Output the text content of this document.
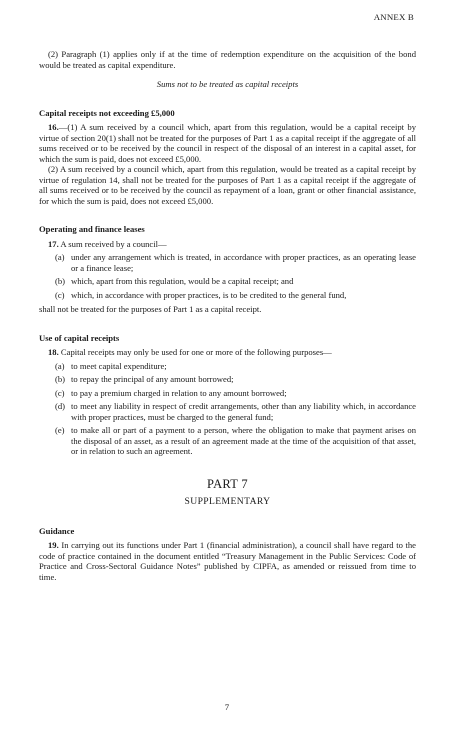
ANNEX B

(2) Paragraph (1) applies only if at the time of redemption expenditure on the acquisition of the bond would be treated as capital expenditure.

Sums not to be treated as capital receipts

Capital receipts not exceeding £5,000

16.—(1) A sum received by a council which, apart from this regulation, would be a capital receipt by virtue of section 20(1) shall not be treated for the purposes of Part 1 as a capital receipt if the aggregate of all sums received or to be received by the council in respect of the disposal of an interest in a capital asset, for which the sum is paid, does not exceed £5,000.

(2) A sum received by a council which, apart from this regulation, would be treated as a capital receipt by virtue of regulation 14, shall not be treated for the purposes of Part 1 as a capital receipt if the aggregate of all sums received or to be received by the council as repayment of a loan, grant or other financial assistance, for which the sum is paid, does not exceed £5,000.

Operating and finance leases

17. A sum received by a council—

(a) under any arrangement which is treated, in accordance with proper practices, as an operating lease or a finance lease;
(b) which, apart from this regulation, would be a capital receipt; and
(c) which, in accordance with proper practices, is to be credited to the general fund,

shall not be treated for the purposes of Part 1 as a capital receipt.

Use of capital receipts

18. Capital receipts may only be used for one or more of the following purposes—

(a) to meet capital expenditure;
(b) to repay the principal of any amount borrowed;
(c) to pay a premium charged in relation to any amount borrowed;
(d) to meet any liability in respect of credit arrangements, other than any liability which, in accordance with proper practices, must be charged to the general fund;
(e) to make all or part of a payment to a person, where the obligation to make that payment arises on the disposal of an asset, as a result of an agreement made at the time of the acquisition of that asset, or in relation to such an agreement.
PART 7
SUPPLEMENTARY
Guidance

19. In carrying out its functions under Part 1 (financial administration), a council shall have regard to the code of practice contained in the document entitled “Treasury Management in the Public Services: Code of Practice and Cross-Sectoral Guidance Notes” published by CIPFA, as amended or reissued from time to time.

7
